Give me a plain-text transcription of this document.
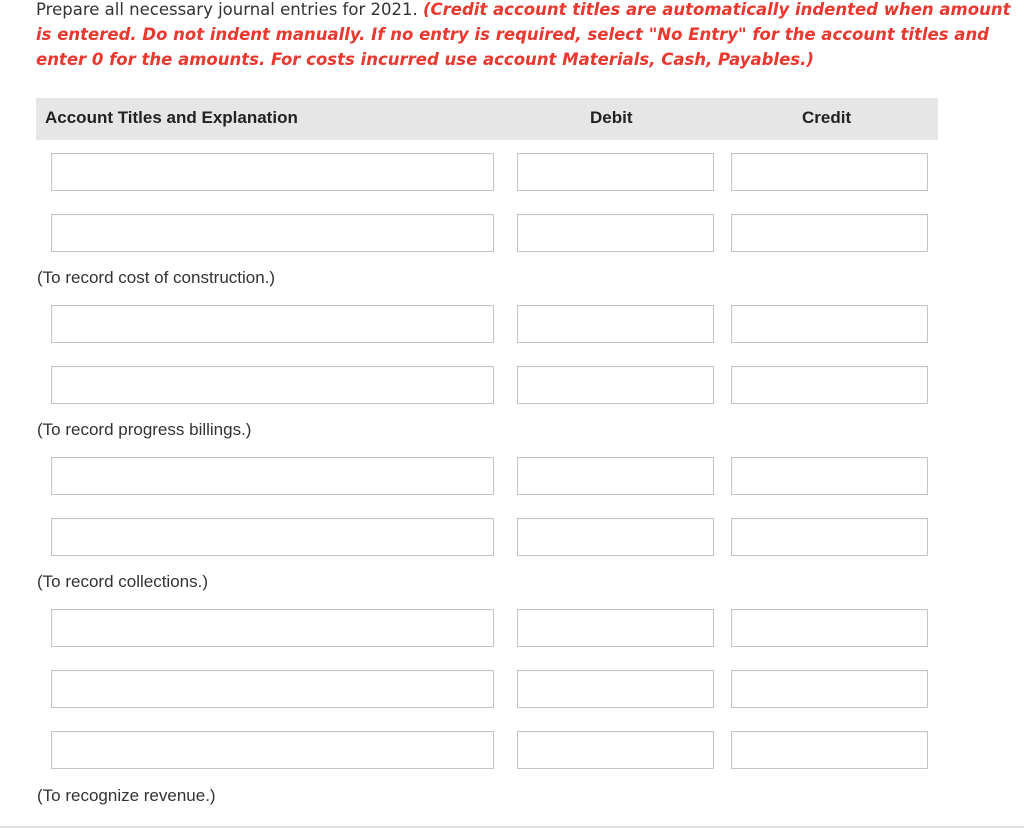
Prepare all necessary journal entries for 2021. (Credit account titles are automatically indented when amount is entered. Do not indent manually. If no entry is required, select "No Entry" for the account titles and enter 0 for the amounts. For costs incurred use account Materials, Cash, Payables.)
Account Titles and Explanation	Debit	Credit
(To record cost of construction.)
(To record progress billings.)
(To record collections.)
(To recognize revenue.)
